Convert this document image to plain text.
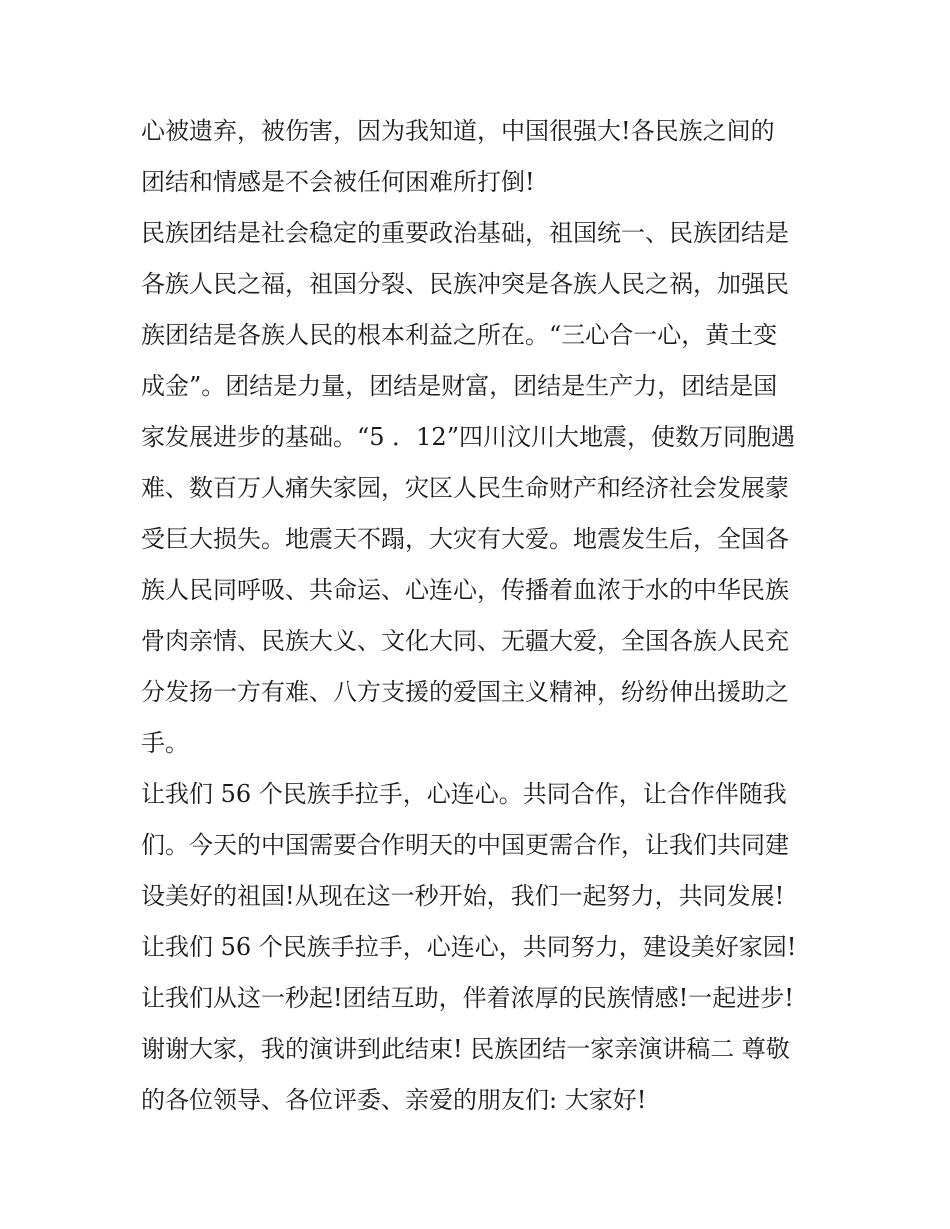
心被遗弃，被伤害，因为我知道，中国很强大!各民族之间的
团结和情感是不会被任何困难所打倒!
民族团结是社会稳定的重要政治基础，祖国统一、民族团结是
各族人民之福，祖国分裂、民族冲突是各族人民之祸，加强民
族团结是各族人民的根本利益之所在。“三心合一心，黄土变
成金”。团结是力量，团结是财富，团结是生产力，团结是国
家发展进步的基础。“5 ．12”四川汶川大地震，使数万同胞遇
难、数百万人痛失家园，灾区人民生命财产和经济社会发展蒙
受巨大损失。地震天不蹋，大灾有大爱。地震发生后，全国各
族人民同呼吸、共命运、心连心，传播着血浓于水的中华民族
骨肉亲情、民族大义、文化大同、无疆大爱，全国各族人民充
分发扬一方有难、八方支援的爱国主义精神，纷纷伸出援助之
手。
让我们 56 个民族手拉手，心连心。共同合作，让合作伴随我
们。今天的中国需要合作明天的中国更需合作，让我们共同建
设美好的祖国!从现在这一秒开始，我们一起努力，共同发展!
让我们 56 个民族手拉手，心连心，共同努力，建设美好家园!
让我们从这一秒起!团结互助，伴着浓厚的民族情感!一起进步!
谢谢大家，我的演讲到此结束! 民族团结一家亲演讲稿二 尊敬
的各位领导、各位评委、亲爱的朋友们: 大家好!
